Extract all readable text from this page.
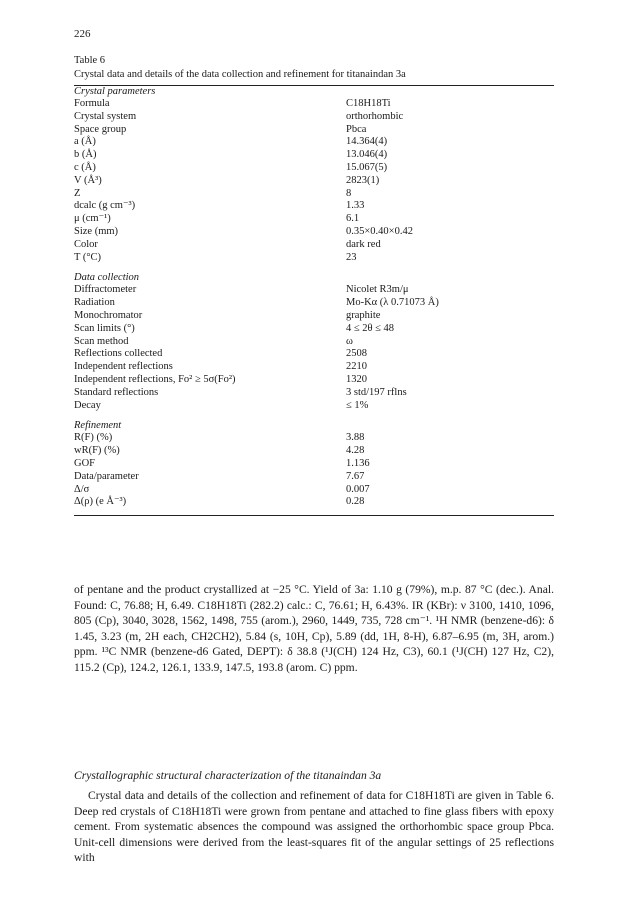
226
Table 6
Crystal data and details of the data collection and refinement for titanaindan 3a
Crystal parameters
Formula	C18H18Ti
Crystal system	orthorhombic
Space group	Pbca
a (Å)	14.364(4)
b (Å)	13.046(4)
c (Å)	15.067(5)
V (Å³)	2823(1)
Z	8
dcalc (g cm⁻³)	1.33
μ (cm⁻¹)	6.1
Size (mm)	0.35×0.40×0.42
Color	dark red
T (°C)	23
Data collection
Diffractometer	Nicolet R3m/μ
Radiation	Mo-Kα (λ 0.71073 Å)
Monochromator	graphite
Scan limits (°)	4 ≤ 2θ ≤ 48
Scan method	ω
Reflections collected	2508
Independent reflections	2210
Independent reflections, Fo² ≥ 5σ(Fo²)	1320
Standard reflections	3 std/197 rflns
Decay	≤ 1%
Refinement
R(F) (%)	3.88
wR(F) (%)	4.28
GOF	1.136
Data/parameter	7.67
Δ/σ	0.007
Δ(ρ) (e Å⁻³)	0.28

of pentane and the product crystallized at −25 °C. Yield of 3a: 1.10 g (79%), m.p. 87 °C (dec.). Anal. Found: C, 76.88; H, 6.49. C18H18Ti (282.2) calc.: C, 76.61; H, 6.43%. IR (KBr): ν 3100, 1410, 1096, 805 (Cp), 3040, 3028, 1562, 1498, 755 (arom.), 2960, 1449, 735, 728 cm⁻¹. ¹H NMR (benzene-d6): δ 1.45, 3.23 (m, 2H each, CH2CH2), 5.84 (s, 10H, Cp), 5.89 (dd, 1H, 8-H), 6.87–6.95 (m, 3H, arom.) ppm. ¹³C NMR (benzene-d6 Gated, DEPT): δ 38.8 (¹J(CH) 124 Hz, C3), 60.1 (¹J(CH) 127 Hz, C2), 115.2 (Cp), 124.2, 126.1, 133.9, 147.5, 193.8 (arom. C) ppm.

Crystallographic structural characterization of the titanaindan 3a
Crystal data and details of the collection and refinement of data for C18H18Ti are given in Table 6. Deep red crystals of C18H18Ti were grown from pentane and attached to fine glass fibers with epoxy cement. From systematic absences the compound was assigned the orthorhombic space group Pbca. Unit-cell dimensions were derived from the least-squares fit of the angular settings of 25 reflections with
